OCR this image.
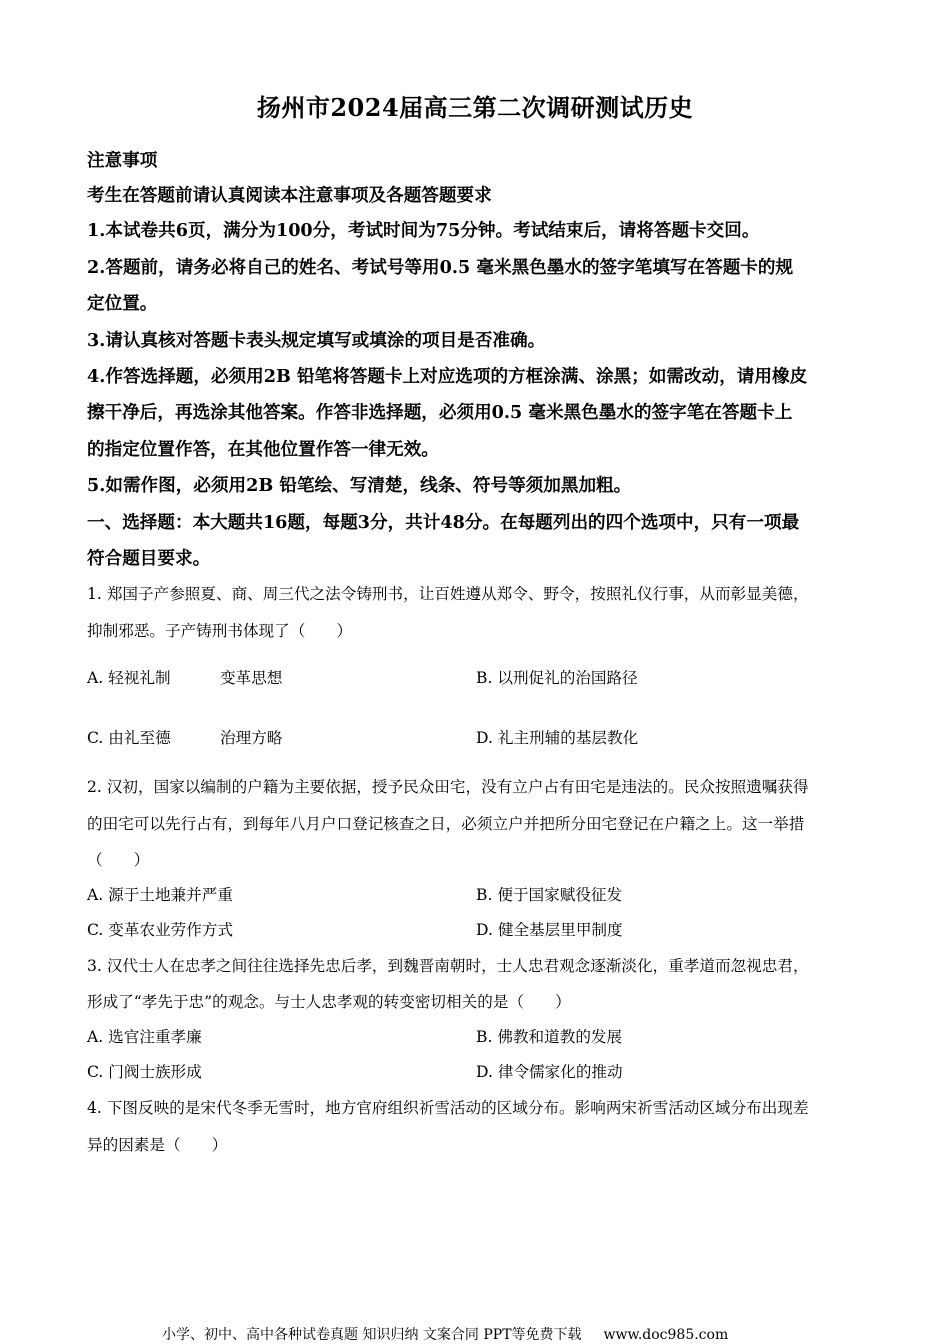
扬州市2024届高三第二次调研测试历史
注意事项
考生在答题前请认真阅读本注意事项及各题答题要求
1.本试卷共6页，满分为100分，考试时间为75分钟。考试结束后，请将答题卡交回。
2.答题前，请务必将自己的姓名、考试号等用0.5 毫米黑色墨水的签字笔填写在答题卡的规
定位置。
3.请认真核对答题卡表头规定填写或填涂的项目是否准确。
4.作答选择题，必须用2B 铅笔将答题卡上对应选项的方框涂满、涂黑；如需改动，请用橡皮
擦干净后，再选涂其他答案。作答非选择题，必须用0.5 毫米黑色墨水的签字笔在答题卡上
的指定位置作答，在其他位置作答一律无效。
5.如需作图，必须用2B 铅笔绘、写清楚，线条、符号等须加黑加粗。
一、选择题：本大题共16题，每题3分，共计48分。在每题列出的四个选项中，只有一项最
符合题目要求。
1. 郑国子产参照夏、商、周三代之法令铸刑书，让百姓遵从郑令、野令，按照礼仪行事，从而彰显美德，
抑制邪恶。子产铸刑书体现了（　　）
A. 轻视礼制	变革思想	B. 以刑促礼的治国路径
C. 由礼至德	治理方略	D. 礼主刑辅的基层教化
2. 汉初，国家以编制的户籍为主要依据，授予民众田宅，没有立户占有田宅是违法的。民众按照遗嘱获得
的田宅可以先行占有，到每年八月户口登记核查之日，必须立户并把所分田宅登记在户籍之上。这一举措
（　　）
A. 源于土地兼并严重	B. 便于国家赋役征发
C. 变革农业劳作方式	D. 健全基层里甲制度
3. 汉代士人在忠孝之间往往选择先忠后孝，到魏晋南朝时，士人忠君观念逐渐淡化，重孝道而忽视忠君，
形成了“孝先于忠”的观念。与士人忠孝观的转变密切相关的是（　　）
A. 选官注重孝廉	B. 佛教和道教的发展
C. 门阀士族形成	D. 律令儒家化的推动
4. 下图反映的是宋代冬季无雪时，地方官府组织祈雪活动的区域分布。影响两宋祈雪活动区域分布出现差
异的因素是（　　）
小学、初中、高中各种试卷真题 知识归纳 文案合同 PPT等免费下载 www.doc985.com
